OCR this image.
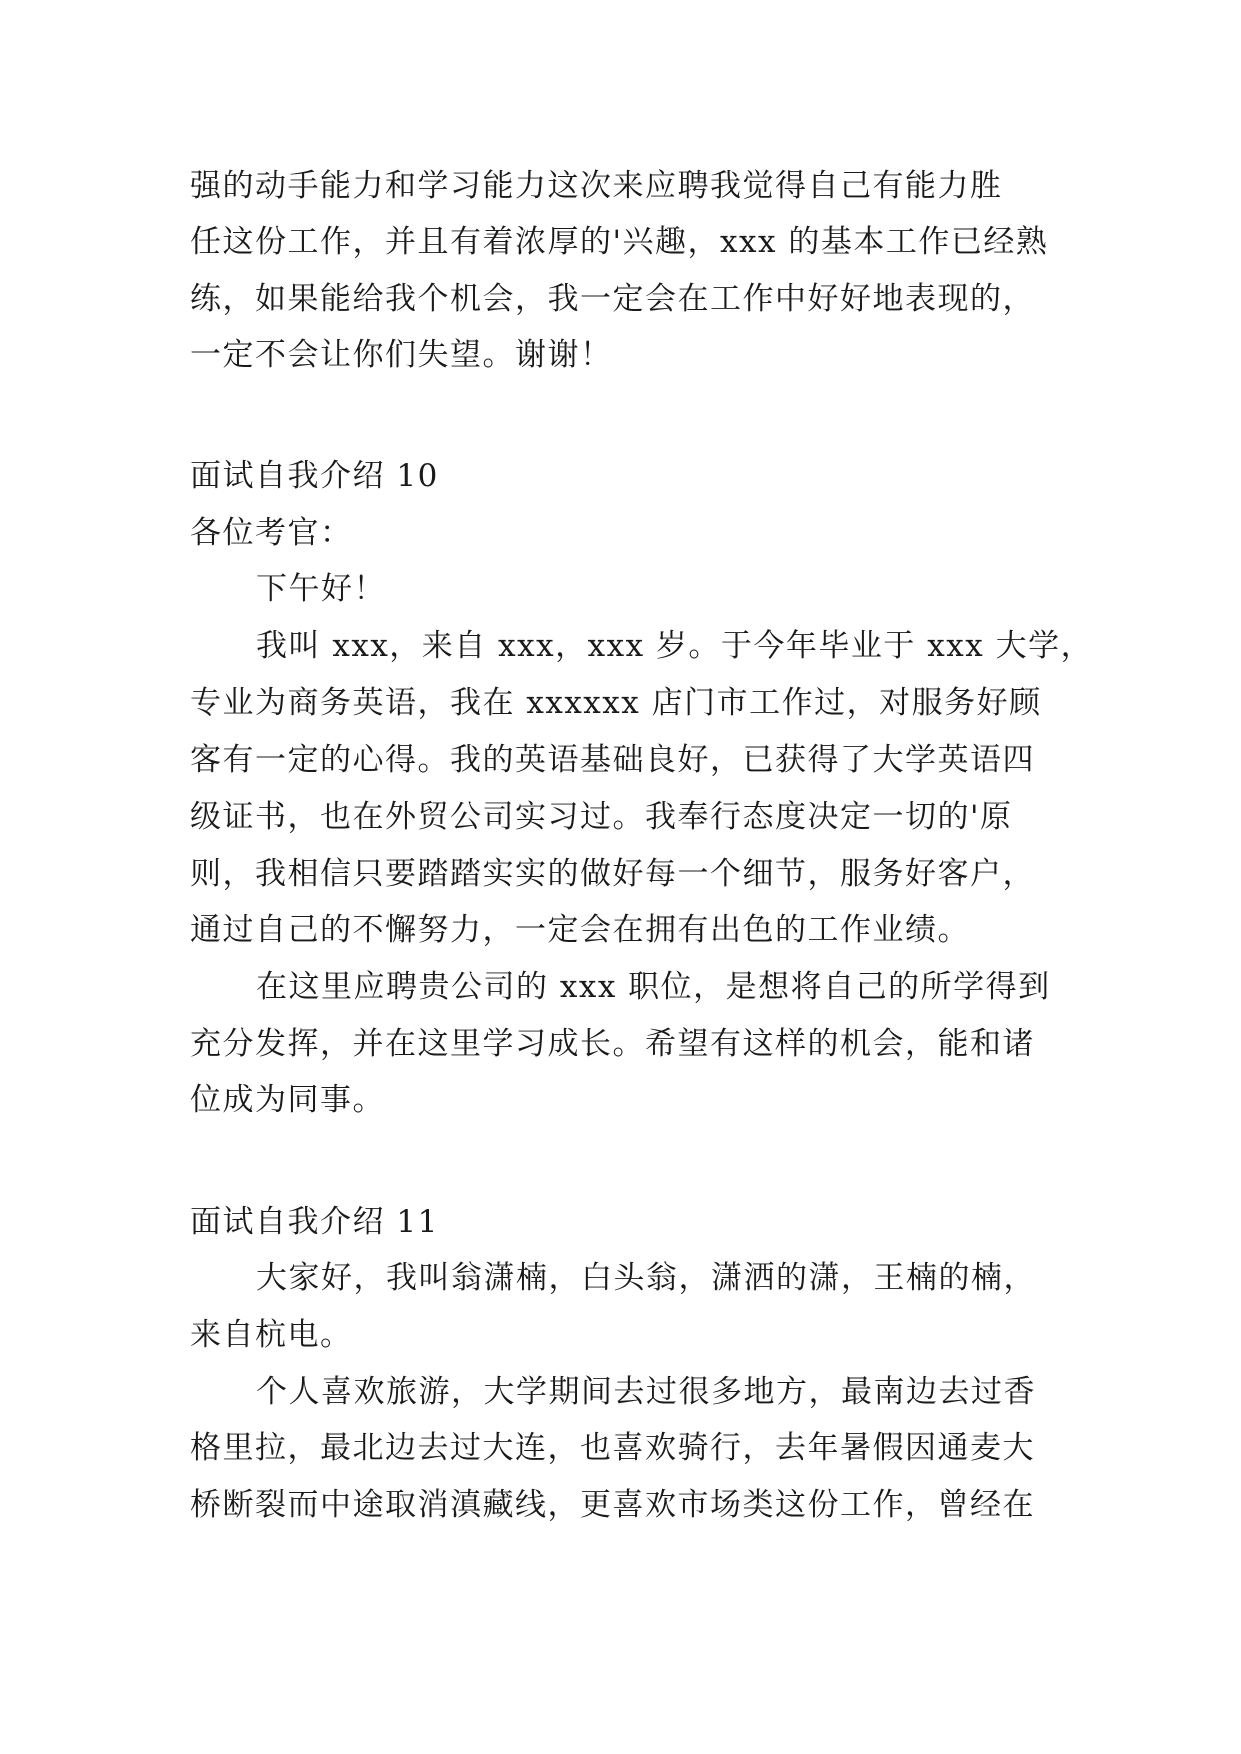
强的动手能力和学习能力这次来应聘我觉得自己有能力胜
任这份工作，并且有着浓厚的'兴趣，xxx 的基本工作已经熟
练，如果能给我个机会，我一定会在工作中好好地表现的，
一定不会让你们失望。谢谢！
面试自我介绍 10
各位考官：
下午好！
我叫 xxx，来自 xxx，xxx 岁。于今年毕业于 xxx 大学，
专业为商务英语，我在 xxxxxx 店门市工作过，对服务好顾
客有一定的心得。我的英语基础良好，已获得了大学英语四
级证书，也在外贸公司实习过。我奉行态度决定一切的'原
则，我相信只要踏踏实实的做好每一个细节，服务好客户，
通过自己的不懈努力，一定会在拥有出色的工作业绩。
在这里应聘贵公司的 xxx 职位，是想将自己的所学得到
充分发挥，并在这里学习成长。希望有这样的机会，能和诸
位成为同事。
面试自我介绍 11
大家好，我叫翁潇楠，白头翁，潇洒的潇，王楠的楠，
来自杭电。
个人喜欢旅游，大学期间去过很多地方，最南边去过香
格里拉，最北边去过大连，也喜欢骑行，去年暑假因通麦大
桥断裂而中途取消滇藏线，更喜欢市场类这份工作，曾经在
